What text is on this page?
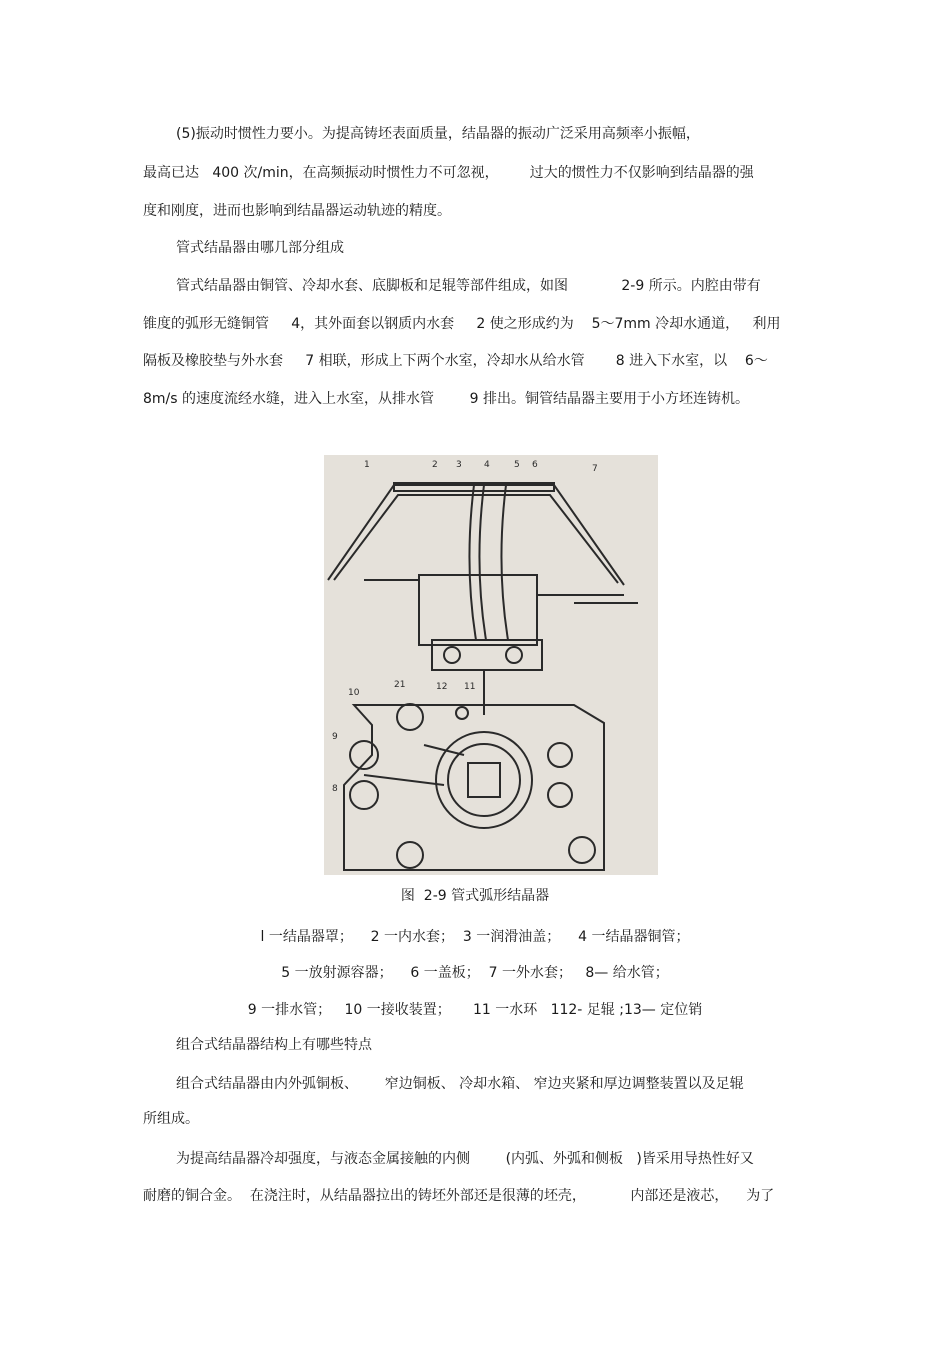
(5)振动时惯性力要小。为提高铸坯表面质量，结晶器的振动广泛采用高频率小振幅，
最高已达   400 次/min，在高频振动时惯性力不可忽视，       过大的惯性力不仅影响到结晶器的强
度和刚度，进而也影响到结晶器运动轨迹的精度。
管式结晶器由哪几部分组成
管式结晶器由铜管、冷却水套、底脚板和足辊等部件组成，如图            2-9 所示。内腔由带有
锥度的弧形无缝铜管     4，其外面套以钢质内水套     2 使之形成约为    5～7mm 冷却水通道，   利用
隔板及橡胶垫与外水套     7 相联，形成上下两个水室，冷却水从给水管       8 进入下水室，以    6～
8m/s 的速度流经水缝，进入上水室，从排水管        9 排出。铜管结晶器主要用于小方坯连铸机。
1	2 3 4	5 6	7
8
9
10
11
12
21
图  2-9 管式弧形结晶器
l 一结晶器罩；    2 一内水套；  3 一润滑油盖；    4 一结晶器铜管；
5 一放射源容器；    6 一盖板；  7 一外水套；   8— 给水管；
9 一排水管；   10 一接收装置；     11 一水环   112- 足辊 ;13— 定位销
组合式结晶器结构上有哪些特点
组合式结晶器由内外弧铜板、      窄边铜板、 冷却水箱、 窄边夹紧和厚边调整装置以及足辊
所组成。
为提高结晶器冷却强度，与液态金属接触的内侧        (内弧、外弧和侧板   )皆采用导热性好又
耐磨的铜合金。  在浇注时，从结晶器拉出的铸坯外部还是很薄的坯壳，          内部还是液芯，    为了
